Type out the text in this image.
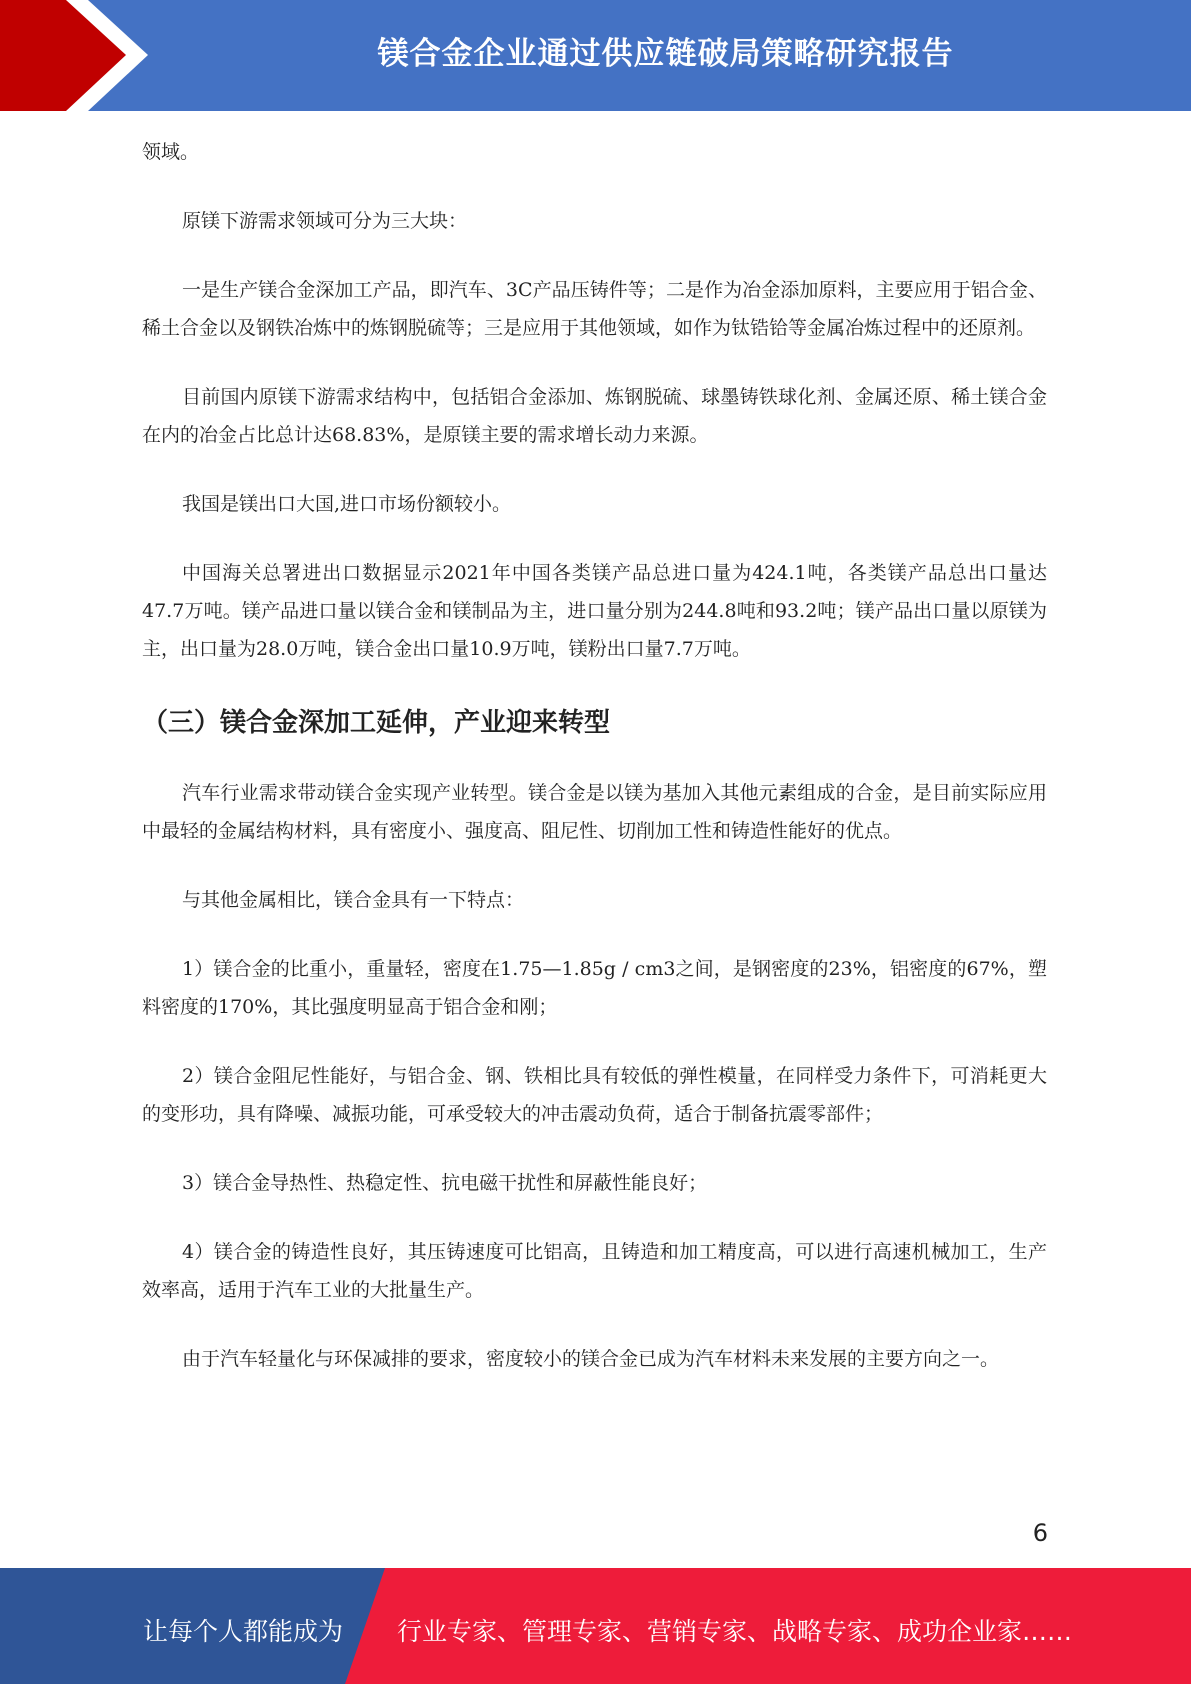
镁合金企业通过供应链破局策略研究报告

领域。

原镁下游需求领域可分为三大块：

一是生产镁合金深加工产品，即汽车、3C产品压铸件等；二是作为冶金添加原料，主要应用于铝合金、稀土合金以及钢铁冶炼中的炼钢脱硫等；三是应用于其他领域，如作为钛锆铪等金属冶炼过程中的还原剂。

目前国内原镁下游需求结构中，包括铝合金添加、炼钢脱硫、球墨铸铁球化剂、金属还原、稀土镁合金在内的冶金占比总计达68.83%，是原镁主要的需求增长动力来源。

我国是镁出口大国,进口市场份额较小。

中国海关总署进出口数据显示2021年中国各类镁产品总进口量为424.1吨，各类镁产品总出口量达47.7万吨。镁产品进口量以镁合金和镁制品为主，进口量分别为244.8吨和93.2吨；镁产品出口量以原镁为主，出口量为28.0万吨，镁合金出口量10.9万吨，镁粉出口量7.7万吨。

（三）镁合金深加工延伸，产业迎来转型

汽车行业需求带动镁合金实现产业转型。镁合金是以镁为基加入其他元素组成的合金，是目前实际应用中最轻的金属结构材料，具有密度小、强度高、阻尼性、切削加工性和铸造性能好的优点。

与其他金属相比，镁合金具有一下特点：

1）镁合金的比重小，重量轻，密度在1.75—1.85g / cm3之间，是钢密度的23%，铝密度的67%，塑料密度的170%，其比强度明显高于铝合金和刚；

2）镁合金阻尼性能好，与铝合金、钢、铁相比具有较低的弹性模量，在同样受力条件下，可消耗更大的变形功，具有降噪、减振功能，可承受较大的冲击震动负荷，适合于制备抗震零部件；

3）镁合金导热性、热稳定性、抗电磁干扰性和屏蔽性能良好；

4）镁合金的铸造性良好，其压铸速度可比铝高，且铸造和加工精度高，可以进行高速机械加工，生产效率高，适用于汽车工业的大批量生产。

由于汽车轻量化与环保减排的要求，密度较小的镁合金已成为汽车材料未来发展的主要方向之一。

6
让每个人都能成为 行业专家、管理专家、营销专家、战略专家、成功企业家……
